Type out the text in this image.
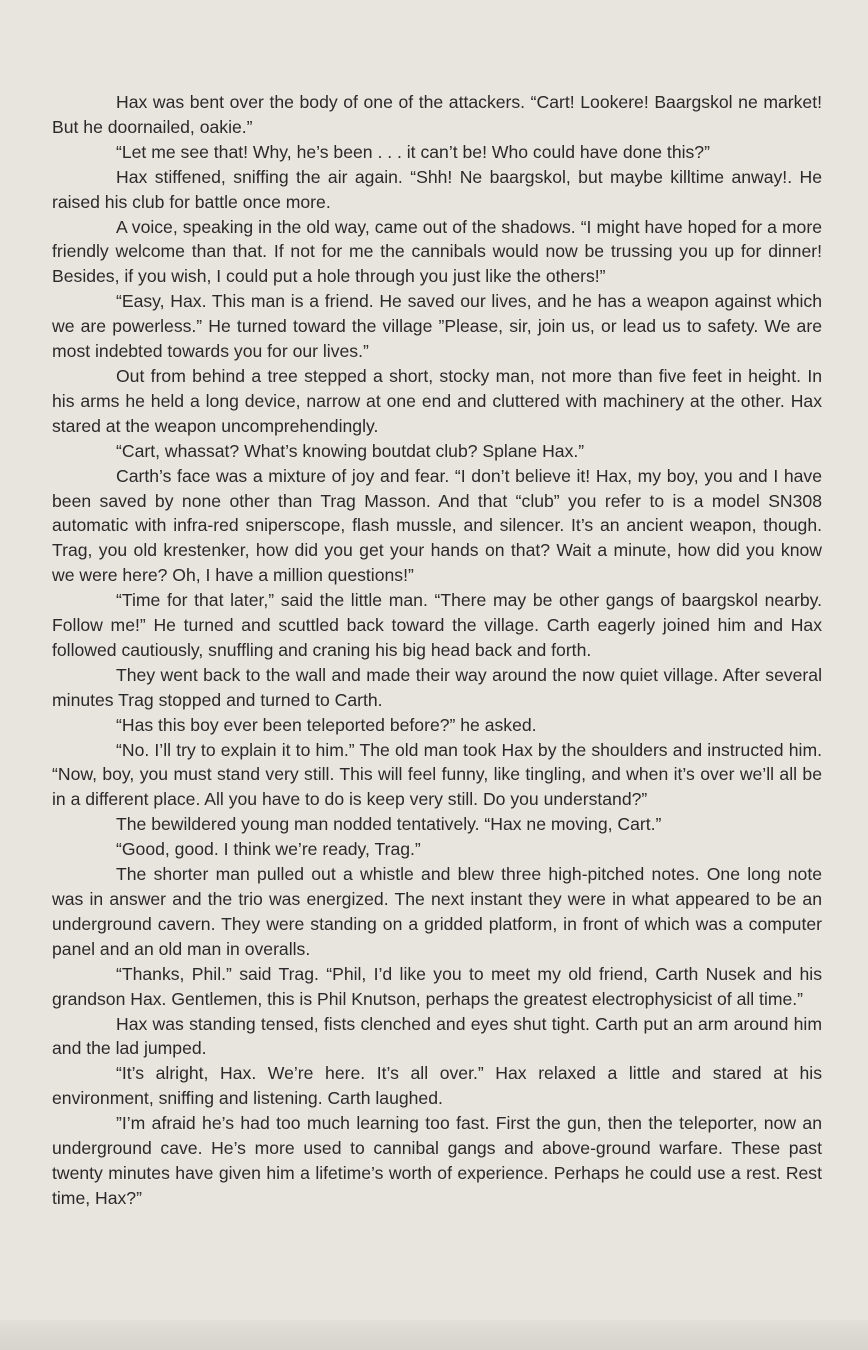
Hax was bent over the body of one of the attackers. “Cart! Lookere! Baargskol ne market! But he doornailed, oakie.”

“Let me see that! Why, he’s been . . . it can’t be! Who could have done this?”

Hax stiffened, sniffing the air again. “Shh! Ne baargskol, but maybe killtime anway!. He raised his club for battle once more.

A voice, speaking in the old way, came out of the shadows. “I might have hoped for a more friendly welcome than that. If not for me the cannibals would now be trussing you up for dinner! Besides, if you wish, I could put a hole through you just like the others!”

“Easy, Hax. This man is a friend. He saved our lives, and he has a weapon against which we are powerless.” He turned toward the village ”Please, sir, join us, or lead us to safety. We are most indebted towards you for our lives.”

Out from behind a tree stepped a short, stocky man, not more than five feet in height. In his arms he held a long device, narrow at one end and cluttered with machinery at the other. Hax stared at the weapon uncomprehendingly.

“Cart, whassat? What’s knowing boutdat club? Splane Hax.”

Carth’s face was a mixture of joy and fear. “I don’t believe it! Hax, my boy, you and I have been saved by none other than Trag Masson. And that “club” you refer to is a model SN308 automatic with infra-red sniperscope, flash mussle, and silencer. It’s an ancient weapon, though. Trag, you old krestenker, how did you get your hands on that? Wait a minute, how did you know we were here? Oh, I have a million questions!”

“Time for that later,” said the little man. “There may be other gangs of baargskol nearby. Follow me!” He turned and scuttled back toward the village. Carth eagerly joined him and Hax followed cautiously, snuffling and craning his big head back and forth.

They went back to the wall and made their way around the now quiet village. After several minutes Trag stopped and turned to Carth.

“Has this boy ever been teleported before?” he asked.

“No. I’ll try to explain it to him.” The old man took Hax by the shoulders and instructed him. “Now, boy, you must stand very still. This will feel funny, like tingling, and when it’s over we’ll all be in a different place. All you have to do is keep very still. Do you understand?”

The bewildered young man nodded tentatively. “Hax ne moving, Cart.”

“Good, good. I think we’re ready, Trag.”

The shorter man pulled out a whistle and blew three high-pitched notes. One long note was in answer and the trio was energized. The next instant they were in what appeared to be an underground cavern. They were standing on a gridded platform, in front of which was a computer panel and an old man in overalls.

“Thanks, Phil.” said Trag. “Phil, I’d like you to meet my old friend, Carth Nusek and his grandson Hax. Gentlemen, this is Phil Knutson, perhaps the greatest electrophysicist of all time.”

Hax was standing tensed, fists clenched and eyes shut tight. Carth put an arm around him and the lad jumped.

“It’s alright, Hax. We’re here. It’s all over.” Hax relaxed a little and stared at his environment, sniffing and listening. Carth laughed.

”I’m afraid he’s had too much learning too fast. First the gun, then the teleporter, now an underground cave. He’s more used to cannibal gangs and above-ground warfare. These past twenty minutes have given him a lifetime’s worth of experience. Perhaps he could use a rest. Rest time, Hax?”
